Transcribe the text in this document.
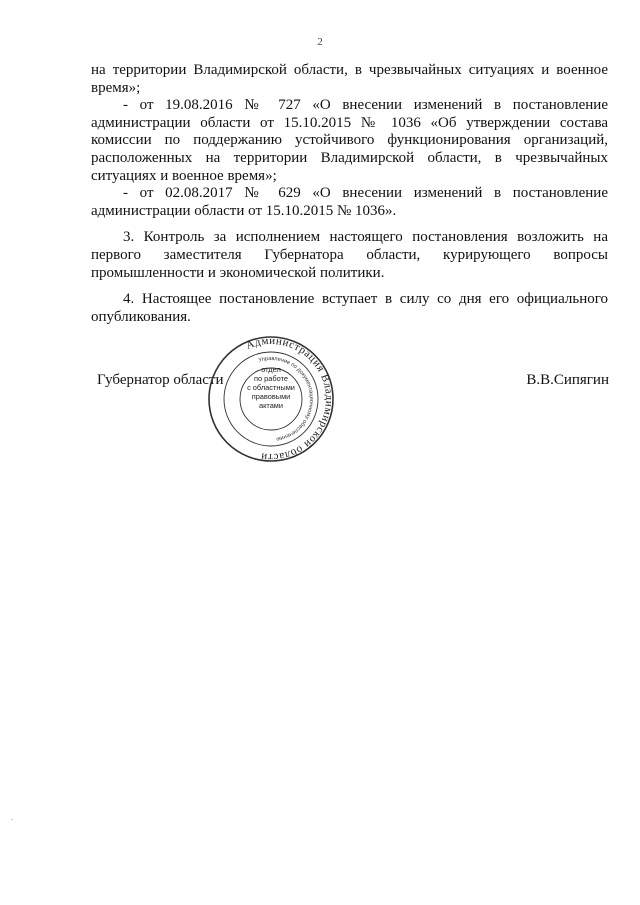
2

на территории Владимирской области, в чрезвычайных ситуациях и военное время»;

- от 19.08.2016 № 727 «О внесении изменений в постановление администрации области от 15.10.2015 № 1036 «Об утверждении состава комиссии по поддержанию устойчивого функционирования организаций, расположенных на территории Владимирской области, в чрезвычайных ситуациях и военное время»;

- от 02.08.2017 № 629 «О внесении изменений в постановление администрации области от 15.10.2015 № 1036».

3. Контроль за исполнением настоящего постановления возложить на первого заместителя Губернатора области, курирующего вопросы промышленности и экономической политики.

4. Настоящее постановление вступает в силу со дня его официального опубликования.

Губернатор области	В.В.Сипягин
Администрация Владимирской области
Управление по документационному обеспечению
отдел
по работе
с областными
правовыми
актами
.
